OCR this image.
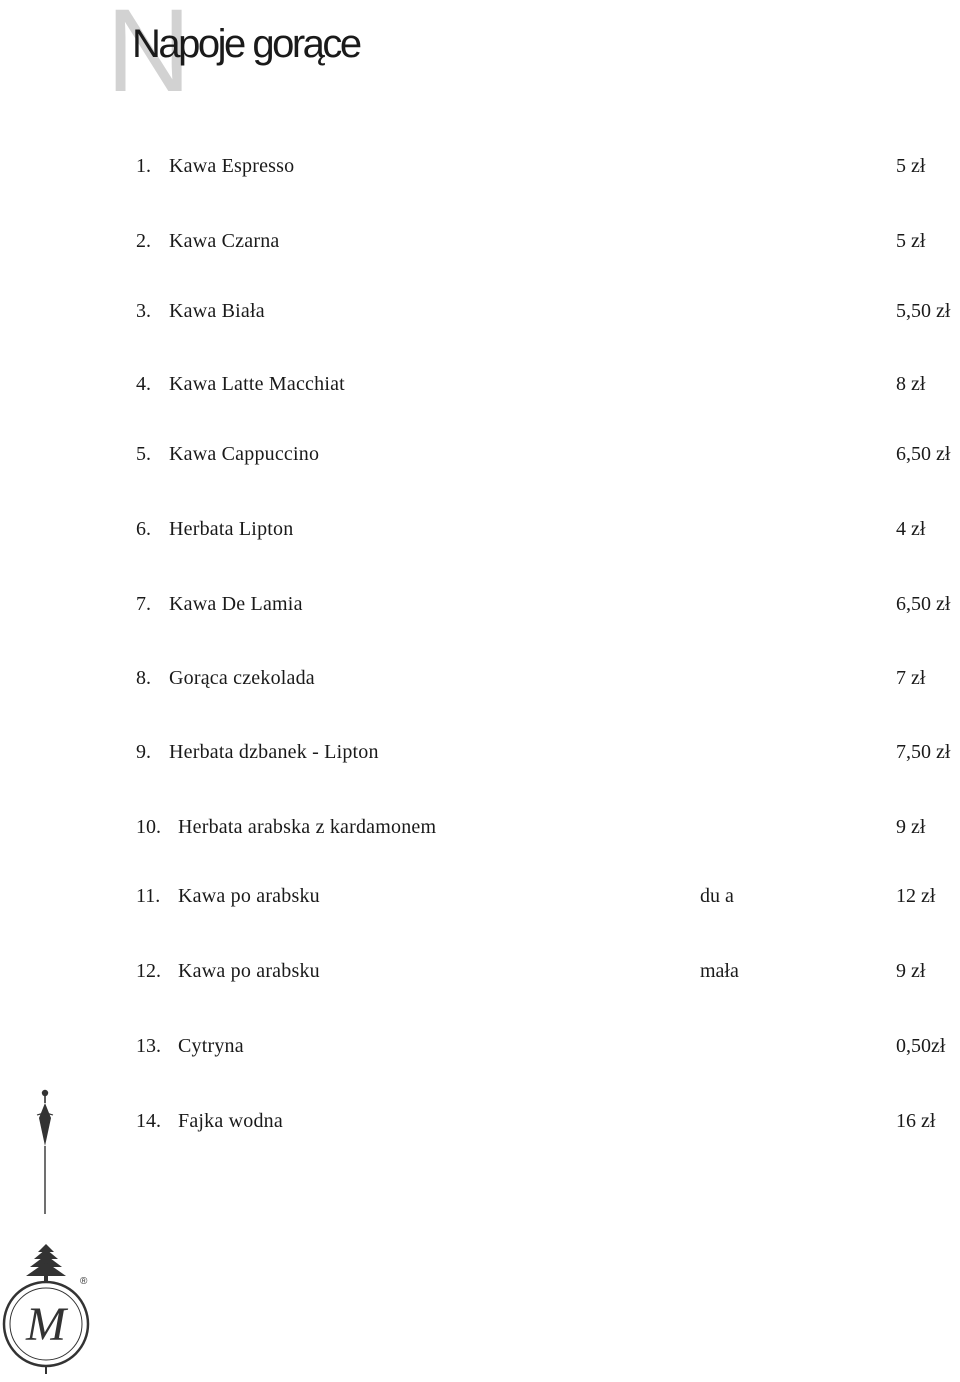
N
Napoje gorące
1. Kawa Espresso	5 zł
2. Kawa Czarna	5 zł
3. Kawa Biała	5,50 zł
4. Kawa Latte Macchiat	8 zł
5. Kawa Cappuccino	6,50 zł
6. Herbata Lipton	4 zł
7. Kawa De Lamia	6,50 zł
8. Gorąca czekolada	7 zł
9. Herbata dzbanek - Lipton	7,50 zł
10. Herbata arabska z kardamonem	9 zł
11. Kawa po arabsku	du a	12 zł
12. Kawa po arabsku	mała	9 zł
13. Cytryna	0,50zł
14. Fajka wodna	16 zł
M
®
